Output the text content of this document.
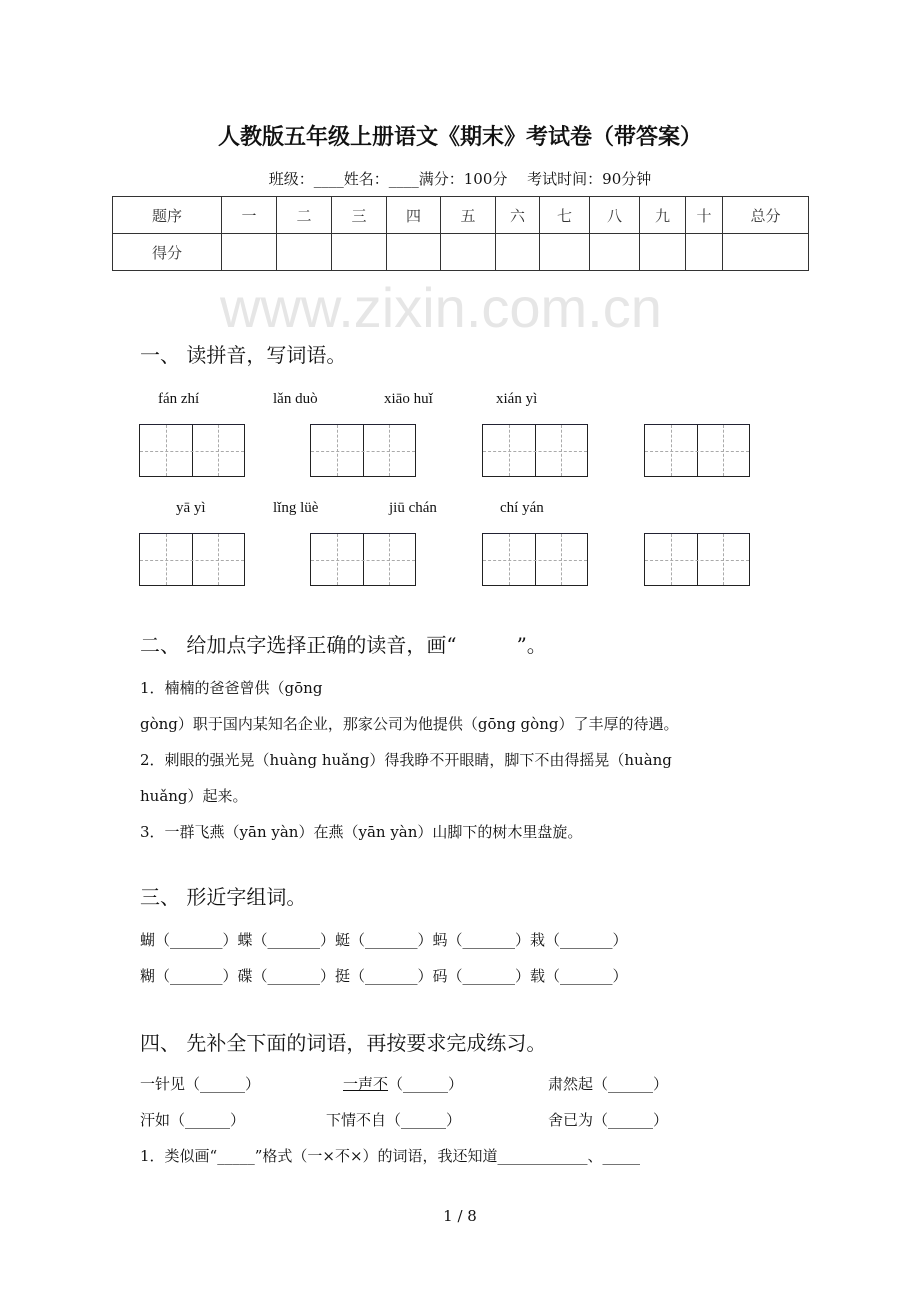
www.zixin.com.cn
人教版五年级上册语文《期末》考试卷（带答案）
班级：____姓名：____满分：100分　 考试时间：90分钟
题序	一	二	三	四	五	六	七	八	九	十	总分
得分											
一、 读拼音，写词语。
fán zhí	lǎn duò	xiāo huǐ	xián yì
yā yì	lǐng lüè	jiū chán	chí yán
二、 给加点字选择正确的读音，画“　　　”。
1．楠楠的爸爸曾供（gōng
gòng）职于国内某知名企业，那家公司为他提供（gōng gòng）了丰厚的待遇。
2．刺眼的强光晃（huàng huǎng）得我睁不开眼睛，脚下不由得摇晃（huàng
huǎng）起来。
3．一群飞燕（yān yàn）在燕（yān yàn）山脚下的树木里盘旋。
三、 形近字组词。
蝴（_______）蝶（_______）蜓（_______）蚂（_______）栽（_______）
糊（_______）碟（_______）挺（_______）码（_______）载（_______）
四、 先补全下面的词语，再按要求完成练习。
一针见（______）	一声不（______）	肃然起（______）
汗如（______）	下情不自（______）	舍已为（______）
1．类似画“_____”格式（一×不×）的词语，我还知道____________、_____
1 / 8
